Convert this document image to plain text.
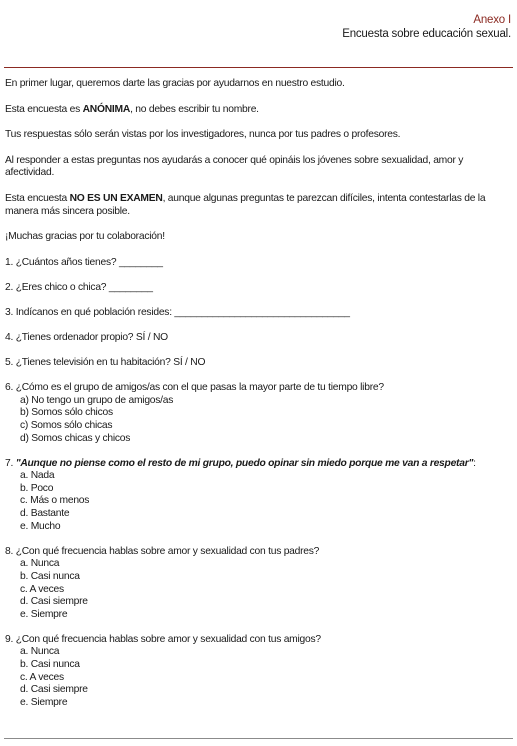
Anexo I
Encuesta sobre educación sexual.

En primer lugar, queremos darte las gracias por ayudarnos en nuestro estudio.

Esta encuesta es ANÓNIMA, no debes escribir tu nombre.

Tus respuestas sólo serán vistas por los investigadores, nunca por tus padres o profesores.

Al responder a estas preguntas nos ayudarás a conocer qué opináis los jóvenes sobre sexualidad, amor y afectividad.

Esta encuesta NO ES UN EXAMEN, aunque algunas preguntas te parezcan difíciles, intenta contestarlas de la manera más sincera posible.

¡Muchas gracias por tu colaboración!

1. ¿Cuántos años tienes? ________
2. ¿Eres chico o chica? ________
3. Indícanos en qué población resides: ________________________________
4. ¿Tienes ordenador propio? SÍ / NO
5. ¿Tienes televisión en tu habitación? SÍ / NO
6. ¿Cómo es el grupo de amigos/as con el que pasas la mayor parte de tu tiempo libre?
a) No tengo un grupo de amigos/as
b) Somos sólo chicos
c) Somos sólo chicas
d) Somos chicas y chicos
7. "Aunque no piense como el resto de mi grupo, puedo opinar sin miedo porque me van a respetar":
a. Nada
b. Poco
c. Más o menos
d. Bastante
e. Mucho
8. ¿Con qué frecuencia hablas sobre amor y sexualidad con tus padres?
a. Nunca
b. Casi nunca
c. A veces
d. Casi siempre
e. Siempre
9. ¿Con qué frecuencia hablas sobre amor y sexualidad con tus amigos?
a. Nunca
b. Casi nunca
c. A veces
d. Casi siempre
e. Siempre
